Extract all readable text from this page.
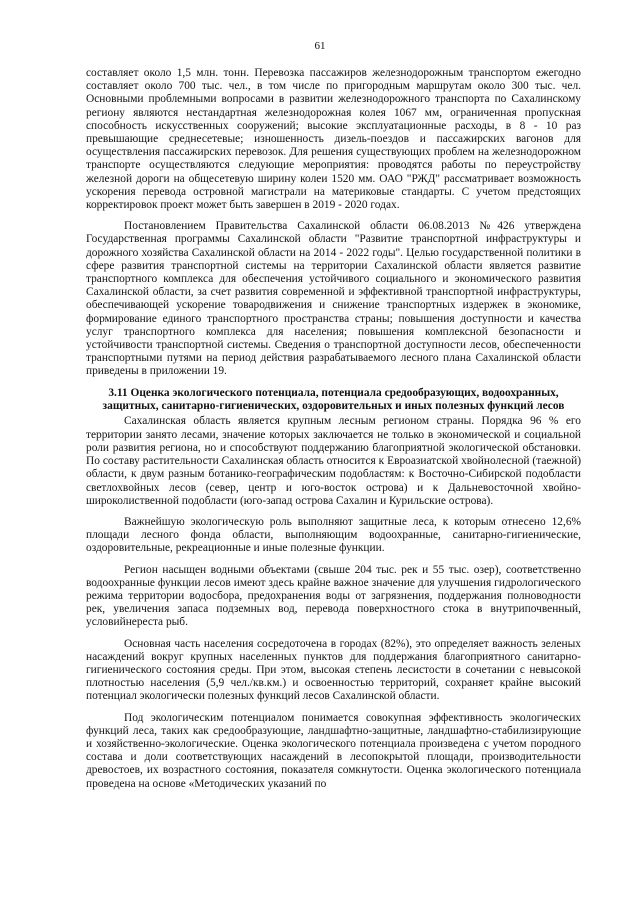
61

составляет около 1,5 млн. тонн. Перевозка пассажиров железнодорожным транспортом ежегодно составляет около 700 тыс. чел., в том числе по пригородным маршрутам около 300 тыс. чел. Основными проблемными вопросами в развитии железнодорожного транспорта по Сахалинскому региону являются нестандартная железнодорожная колея 1067 мм, ограниченная пропускная способность искусственных сооружений; высокие эксплуатационные расходы, в 8 - 10 раз превышающие среднесетевые; изношенность дизель-поездов и пассажирских вагонов для осуществления пассажирских перевозок. Для решения существующих проблем на железнодорожном транспорте осуществляются следующие мероприятия: проводятся работы по переустройству железной дороги на общесетевую ширину колеи 1520 мм. ОАО "РЖД" рассматривает возможность ускорения перевода островной магистрали на материковые стандарты. С учетом предстоящих корректировок проект может быть завершен в 2019 - 2020 годах.

Постановлением Правительства Сахалинской области 06.08.2013 №426 утверждена Государственная программы Сахалинской области "Развитие транспортной инфраструктуры и дорожного хозяйства Сахалинской области на 2014 - 2022 годы". Целью государственной политики в сфере развития транспортной системы на территории Сахалинской области является развитие транспортного комплекса для обеспечения устойчивого социального и экономического развития Сахалинской области, за счет развития современной и эффективной транспортной инфраструктуры, обеспечивающей ускорение товародвижения и снижение транспортных издержек в экономике, формирование единого транспортного пространства страны; повышения доступности и качества услуг транспортного комплекса для населения; повышения комплексной безопасности и устойчивости транспортной системы. Сведения о транспортной доступности лесов, обеспеченности транспортными путями на период действия разрабатываемого лесного плана Сахалинской области приведены в приложении 19.

3.11 Оценка экологического потенциала, потенциала средообразующих, водоохранных, защитных, санитарно-гигиенических, оздоровительных и иных полезных функций лесов

Сахалинская область является крупным лесным регионом страны. Порядка 96 % его территории занято лесами, значение которых заключается не только в экономической и социальной роли развития региона, но и способствуют поддержанию благоприятной экологической обстановки. По составу растительности Сахалинская область относится к Евроазиатской хвойнолесной (таежной) области, к двум разным ботанико-географическим подобластям: к Восточно-Сибирской подобласти светлохвойных лесов (север, центр и юго-восток острова) и к Дальневосточной хвойно-широколиственной подобласти (юго-запад острова Сахалин и Курильские острова).

Важнейшую экологическую роль выполняют защитные леса, к которым отнесено 12,6% площади лесного фонда области, выполняющим водоохранные, санитарно-гигиенические, оздоровительные, рекреационные и иные полезные функции.

Регион насыщен водными объектами (свыше 204 тыс. рек и 55 тыс. озер), соответственно водоохранные функции лесов имеют здесь крайне важное значение для улучшения гидрологического режима территории водосбора, предохранения воды от загрязнения, поддержания полноводности рек, увеличения запаса подземных вод, перевода поверхностного стока в внутрипочвенный, условийнереста рыб.

Основная часть населения сосредоточена в городах (82%), это определяет важность зеленых насаждений вокруг крупных населенных пунктов для поддержания благоприятного санитарно-гигиенического состояния среды. При этом, высокая степень лесистости в сочетании с невысокой плотностью населения (5,9 чел./кв.км.) и освоенностью территорий, сохраняет крайне высокий потенциал экологически полезных функций лесов Сахалинской области.

Под экологическим потенциалом понимается совокупная эффективность экологических функций леса, таких как средообразующие, ландшафтно-защитные, ландшафтно-стабилизирующие и хозяйственно-экологические. Оценка экологического потенциала произведена с учетом породного состава и доли соответствующих насаждений в лесопокрытой площади, производительности древостоев, их возрастного состояния, показателя сомкнутости. Оценка экологического потенциала проведена на основе «Методических указаний по
